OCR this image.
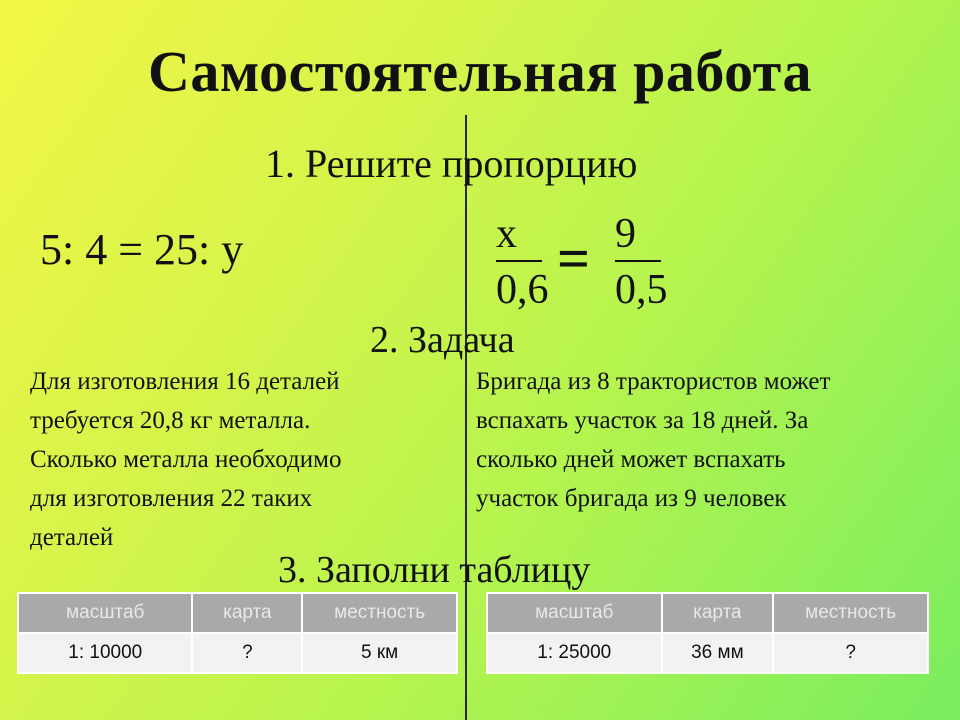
Самостоятельная работа
1. Решите пропорцию
5: 4 = 25: y	x
0,6 = 9
0,5
2. Задача
Для изготовления 16 деталей
требуется 20,8 кг металла.
Сколько металла необходимо
для изготовления 22 таких
деталей
Бригада из 8 трактористов может
вспахать участок за 18 дней. За
сколько дней может вспахать
участок бригада из 9 человек
3. Заполни таблицу
масштаб	карта	местность
1: 10000	?	5 км
масштаб	карта	местность
1: 25000	36 мм	?
